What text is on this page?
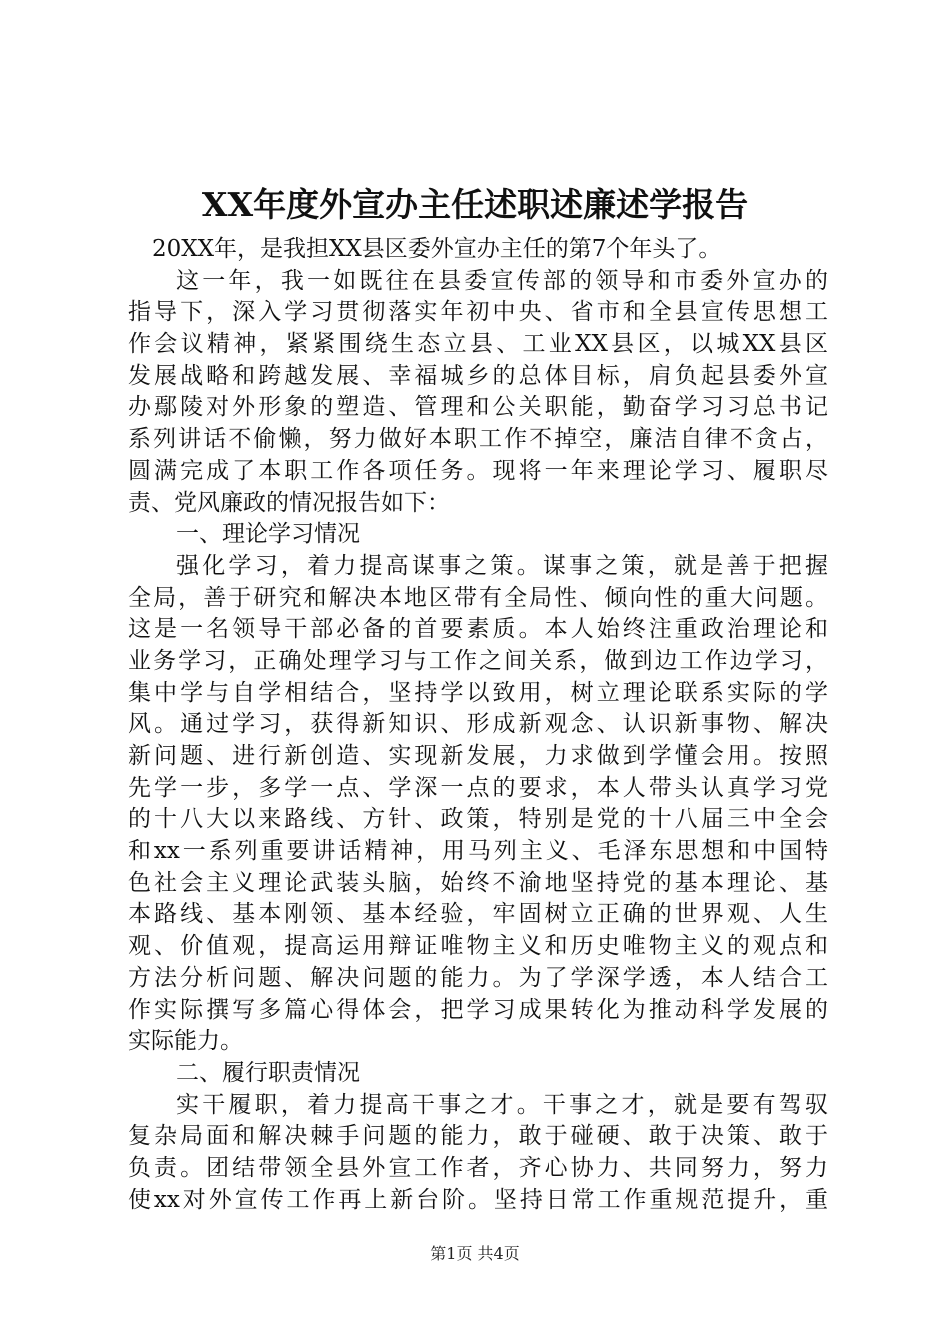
XX年度外宣办主任述职述廉述学报告
20XX年，是我担XX县区委外宣办主任的第7个年头了。
这一年，我一如既往在县委宣传部的领导和市委外宣办的
指导下，深入学习贯彻落实年初中央、省市和全县宣传思想工
作会议精神，紧紧围绕生态立县、工业XX县区，以城XX县区
发展战略和跨越发展、幸福城乡的总体目标，肩负起县委外宣
办鄢陵对外形象的塑造、管理和公关职能，勤奋学习习总书记
系列讲话不偷懒，努力做好本职工作不掉空，廉洁自律不贪占，
圆满完成了本职工作各项任务。现将一年来理论学习、履职尽
责、党风廉政的情况报告如下：
一、理论学习情况
强化学习，着力提高谋事之策。谋事之策，就是善于把握
全局，善于研究和解决本地区带有全局性、倾向性的重大问题。
这是一名领导干部必备的首要素质。本人始终注重政治理论和
业务学习，正确处理学习与工作之间关系，做到边工作边学习，
集中学与自学相结合，坚持学以致用，树立理论联系实际的学
风。通过学习，获得新知识、形成新观念、认识新事物、解决
新问题、进行新创造、实现新发展，力求做到学懂会用。按照
先学一步，多学一点、学深一点的要求，本人带头认真学习党
的十八大以来路线、方针、政策，特别是党的十八届三中全会
和xx一系列重要讲话精神，用马列主义、毛泽东思想和中国特
色社会主义理论武装头脑，始终不渝地坚持党的基本理论、基
本路线、基本刚领、基本经验，牢固树立正确的世界观、人生
观、价值观，提高运用辩证唯物主义和历史唯物主义的观点和
方法分析问题、解决问题的能力。为了学深学透，本人结合工
作实际撰写多篇心得体会，把学习成果转化为推动科学发展的
实际能力。
二、履行职责情况
实干履职，着力提高干事之才。干事之才，就是要有驾驭
复杂局面和解决棘手问题的能力，敢于碰硬、敢于决策、敢于
负责。团结带领全县外宣工作者，齐心协力、共同努力，努力
使xx对外宣传工作再上新台阶。坚持日常工作重规范提升，重
第1页 共4页
